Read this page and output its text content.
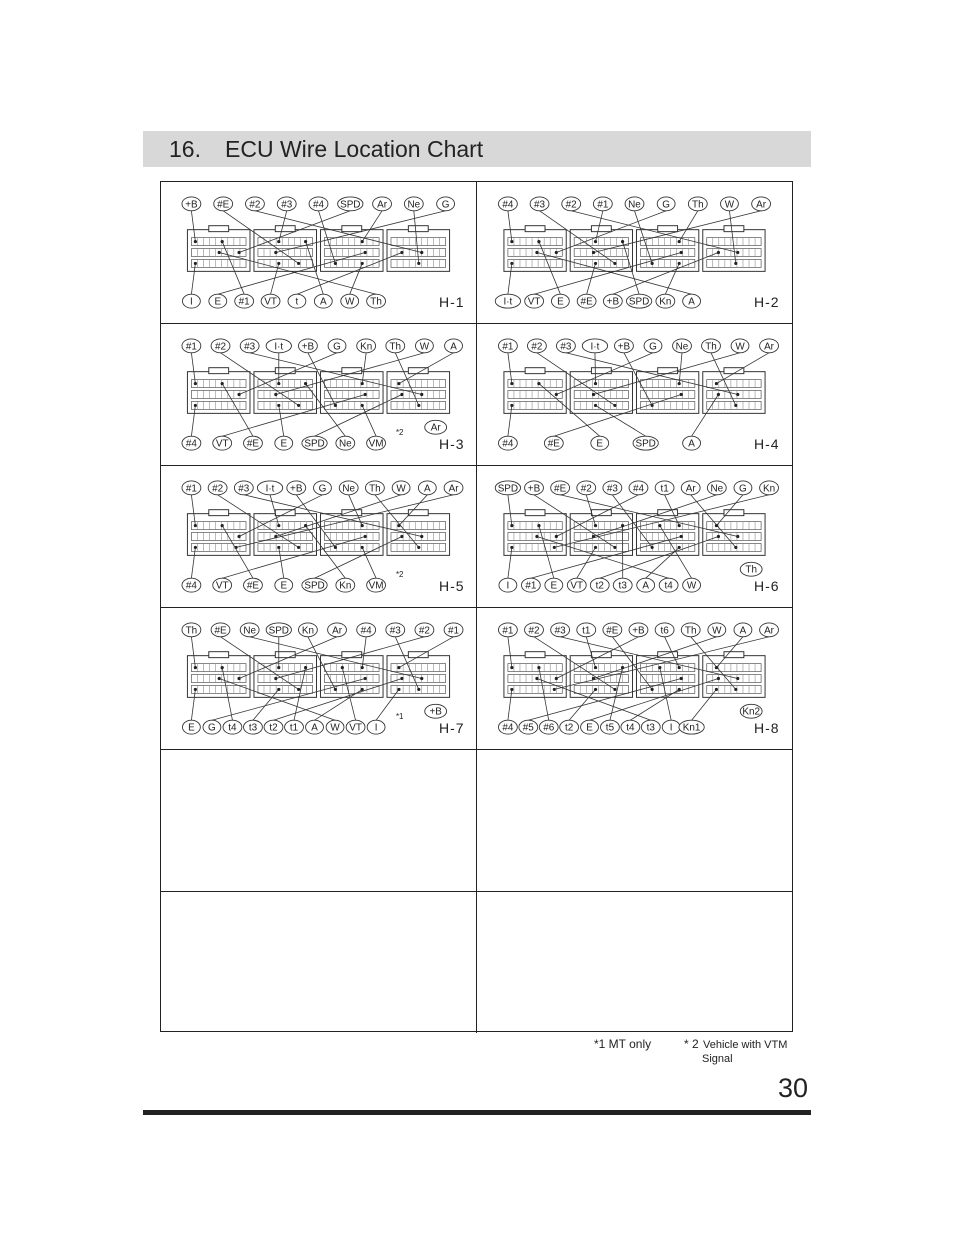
16. ECU Wire Location Chart
+B #E #2 #3 #4 SPD Ar Ne G
I E #1 VT t A W Th	H-1
#4 #3 #2 #1 Ne G Th W Ar
I·t VT E #E +B SPD Kn A	H-2
#1 #2 #3 I·t +B G Kn Th W A
#4 VT #E E SPD Ne VM
Ar
*2
H-3
#1 #2 #3 I·t +B G Ne Th W Ar
#4	#E	E	SPD	A	H-4
#1 #2 #3 I·t +B G Ne Th W A Ar
#4 VT #E E SPD Kn VM
*2
H-5
SPD +B #E #2 #3 #4 t1 Ar Ne G Kn
I #1 E VT t2 t3 A t4 W
Th
H-6
Th #E Ne SPD Kn Ar #4 #3 #2 #1
E G t4 t3 t2 t1 A W VT I
+B
*1
H-7
#1 #2 #3 t1 #E +B t6 Th W A Ar
#4 #5 #6 t2 E t5 t4 t3 I Kn1
Kn2
H-8
*1 MT only	* 2 Vehicle with VTM
Signal
30
